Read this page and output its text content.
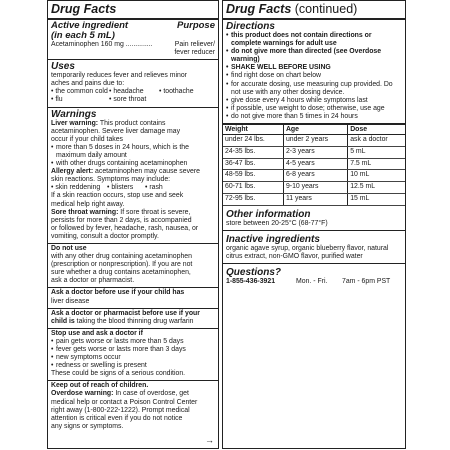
Drug Facts
Active ingredient	Purpose
(in each 5 mL)
Acetaminophen 160 mg ..............	Pain reliever/
fever reducer
Uses
temporarily reduces fever and relieves minor
aches and pains due to:
• the common cold• headache • toothache
• flu	• sore throat
Warnings
Liver warning: This product contains
acetaminophen. Severe liver damage may
occur if your child takes
• more than 5 doses in 24 hours, which is the maximum daily amount
• with other drugs containing acetaminophen
Allergy alert: acetaminophen may cause severe
skin reactions. Symptoms may include:
• skin reddening • blisters • rash
If a skin reaction occurs, stop use and seek
medical help right away.
Sore throat warning: If sore throat is severe,
persists for more than 2 days, is accompanied
or followed by fever, headache, rash, nausea, or
vomiting, consult a doctor promptly.
Do not use
with any other drug containing acetaminophen
(prescription or nonprescription). If you are not
sure whether a drug contains acetaminophen,
ask a doctor or pharmacist.
Ask a doctor before use if your child has
liver disease
Ask a doctor or pharmacist before use if your
child is taking the blood thinning drug warfarin
Stop use and ask a doctor if
• pain gets worse or lasts more than 5 days
• fever gets worse or lasts more than 3 days
• new symptoms occur
• redness or swelling is present
These could be signs of a serious condition.
Keep out of reach of children.
Overdose warning: In case of overdose, get
medical help or contact a Poison Control Center
right away (1-800-222-1222). Prompt medical
attention is critical even if you do not notice
any signs or symptoms.
→
Drug Facts (continued)
Directions
• this product does not contain directions or complete warnings for adult use
• do not give more than directed (see Overdose warning)
• SHAKE WELL BEFORE USING
• find right dose on chart below
• for accurate dosing, use measuring cup provided. Do not use with any other dosing device.
• give dose every 4 hours while symptoms last
• if possible, use weight to dose; otherwise, use age
• do not give more than 5 times in 24 hours
Weight	Age	Dose
under 24 lbs.	under 2 years	ask a doctor
24-35 lbs.	2-3 years	5 mL
36-47 lbs.	4-5 years	7.5 mL
48-59 lbs.	6-8 years	10 mL
60-71 lbs.	9-10 years	12.5 mL
72-95 lbs.	11 years	15 mL
Other information
store between 20-25°C (68-77°F)
Inactive ingredients
organic agave syrup, organic blueberry flavor, natural
citrus extract, non-GMO flavor, purified water
Questions?
1-855-436-3921	Mon. - Fri. 7am - 6pm PST
